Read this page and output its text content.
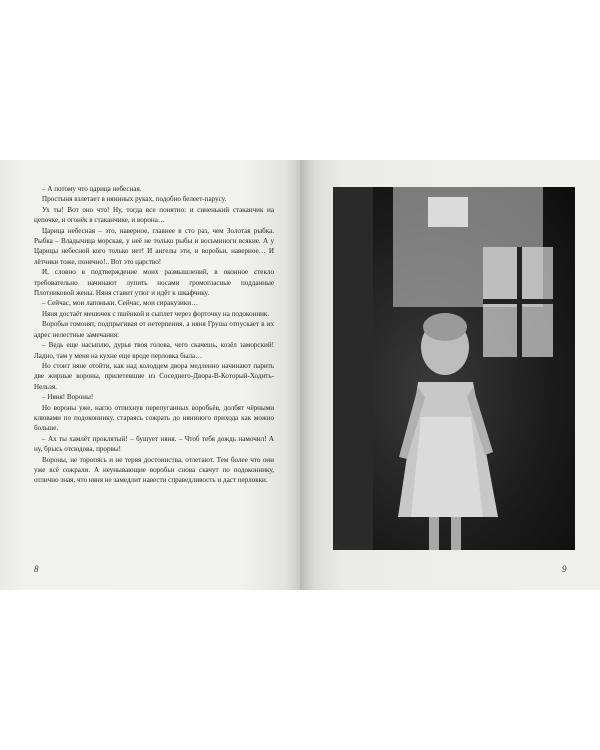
– А потому что царица небесная.

Простыня взлетает в няниных руках, подобно белеет-парусу.

Ух ты! Вот оно что! Ну, тогда все понятно: и синенький стаканчик на цепочке, и огонёк в стаканчике, и ворона…

Царица небесная – это, наверное, главнее в сто раз, чем Золотая рыбка. Рыбка – Владычица морская, у неё не только рыбы и восьминоги всякие. А у Царицы небесной кого только нет! И ангелы эти, и воробьи, наверное… И лётчики тоже, понечно!.. Вот это царство!

И, словно в подтверждение моих размышлений, в оконное стекло требовательно начинают лупить носами громогласные подданные Плотниковой жены. Няня ставит утюг и идёт к шкафчику.

– Сейчас, мои лапоньки. Сейчас, мои сиракузики…

Няня достаёт мешочек с пшёнкой и сыплет через форточку на подоконник.

Воробьи гомонят, подпрыгивая от нетерпения, а няня Груша отпускает в их адрес нелестные замечания:

– Ведь еще насыплю, дурья твоя голова, чего скачешь, козёл заморский! Ладно, там у меня на кухне еще вроде перловка была…

Но стоит няне отойти, как над колодцем двора медленно начинают парить две жирные вороны, прилетевшие из Соседнего-Двора-В-Который-Ходить-Нельзя.

– Няня! Вороны!

Но вороны уже, нагло отпихнув перепуганных воробьёв, долбят чёрными клювами по подоконнику, стараясь сожрать до няниного прихода как можно больше.

– Ах ты хамлёт проклятый! – бушует няня. – Чтоб тебя дождь намочил! А ну, брысь отсюдова, прорвы!

Вороны, не торопясь и не теряя достоинства, отлетают. Тем более что они уже всё сожрали. А неунывающие воробьи снова скачут по подоконнику, отлично зная, что няня не замедлит навести справедливость и даст перловки.

8	9
